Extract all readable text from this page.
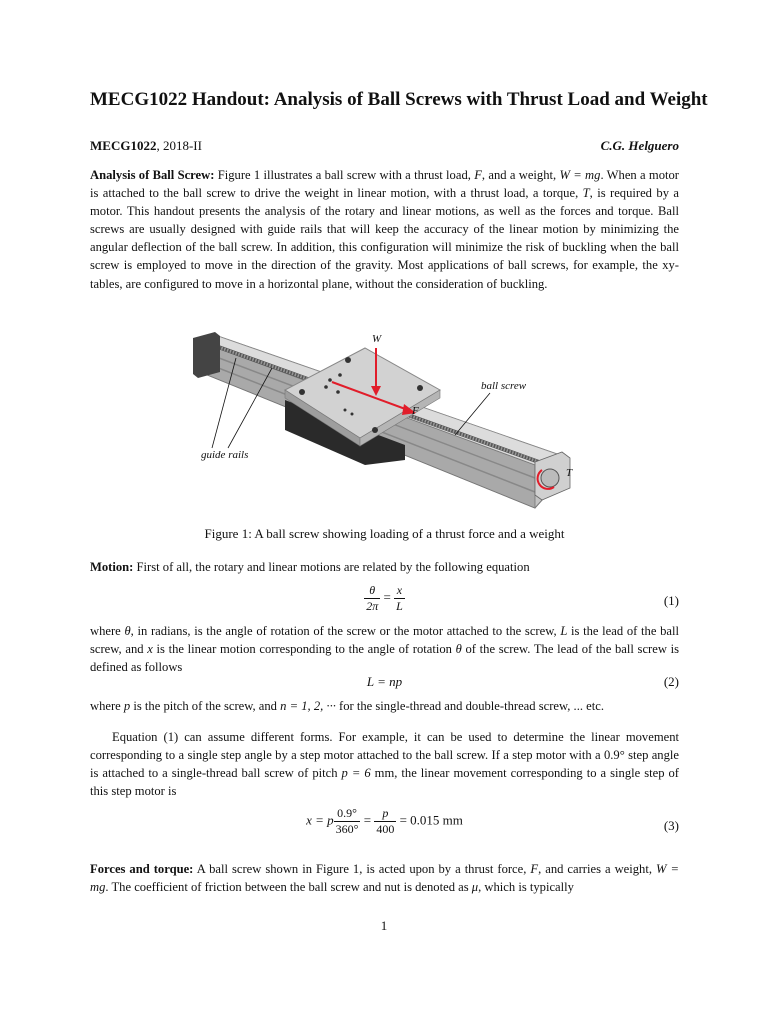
MECG1022 Handout: Analysis of Ball Screws with Thrust Load and Weight
MECG1022, 2018-II	C.G. Helguero
Analysis of Ball Screw: Figure 1 illustrates a ball screw with a thrust load, F, and a weight, W = mg. When a motor is attached to the ball screw to drive the weight in linear motion, with a thrust load, a torque, T, is required by a motor. This handout presents the analysis of the rotary and linear motions, as well as the forces and torque. Ball screws are usually designed with guide rails that will keep the accuracy of the linear motion by minimizing the angular deflection of the ball screw. In addition, this configuration will minimize the risk of buckling when the ball screw is employed to move in the direction of the gravity. Most applications of ball screws, for example, the xy-tables, are configured to move in a horizontal plane, without the consideration of buckling.
W
F
T
ball screw
guide rails
Figure 1: A ball screw showing loading of a thrust force and a weight
Motion: First of all, the rotary and linear motions are related by the following equation
$\frac{\theta}{2\pi} = \frac{x}{L}$	(1)
where θ, in radians, is the angle of rotation of the screw or the motor attached to the screw, L is the lead of the ball screw, and x is the linear motion corresponding to the angle of rotation θ of the screw. The lead of the ball screw is defined as follows
L = np	(2)
where p is the pitch of the screw, and n = 1, 2, ··· for the single-thread and double-thread screw, ... etc.
Equation (1) can assume different forms. For example, it can be used to determine the linear movement corresponding to a single step angle by a step motor attached to the ball screw. If a step motor with a 0.9° step angle is attached to a single-thread ball screw of pitch p = 6 mm, the linear movement corresponding to a single step of this step motor is
x = p $\frac{0.9^\circ}{360^\circ} = \frac{p}{400} = 0.015$ mm	(3)
Forces and torque: A ball screw shown in Figure 1, is acted upon by a thrust force, F, and carries a weight, W = mg. The coefficient of friction between the ball screw and nut is denoted as μ, which is typically
1
